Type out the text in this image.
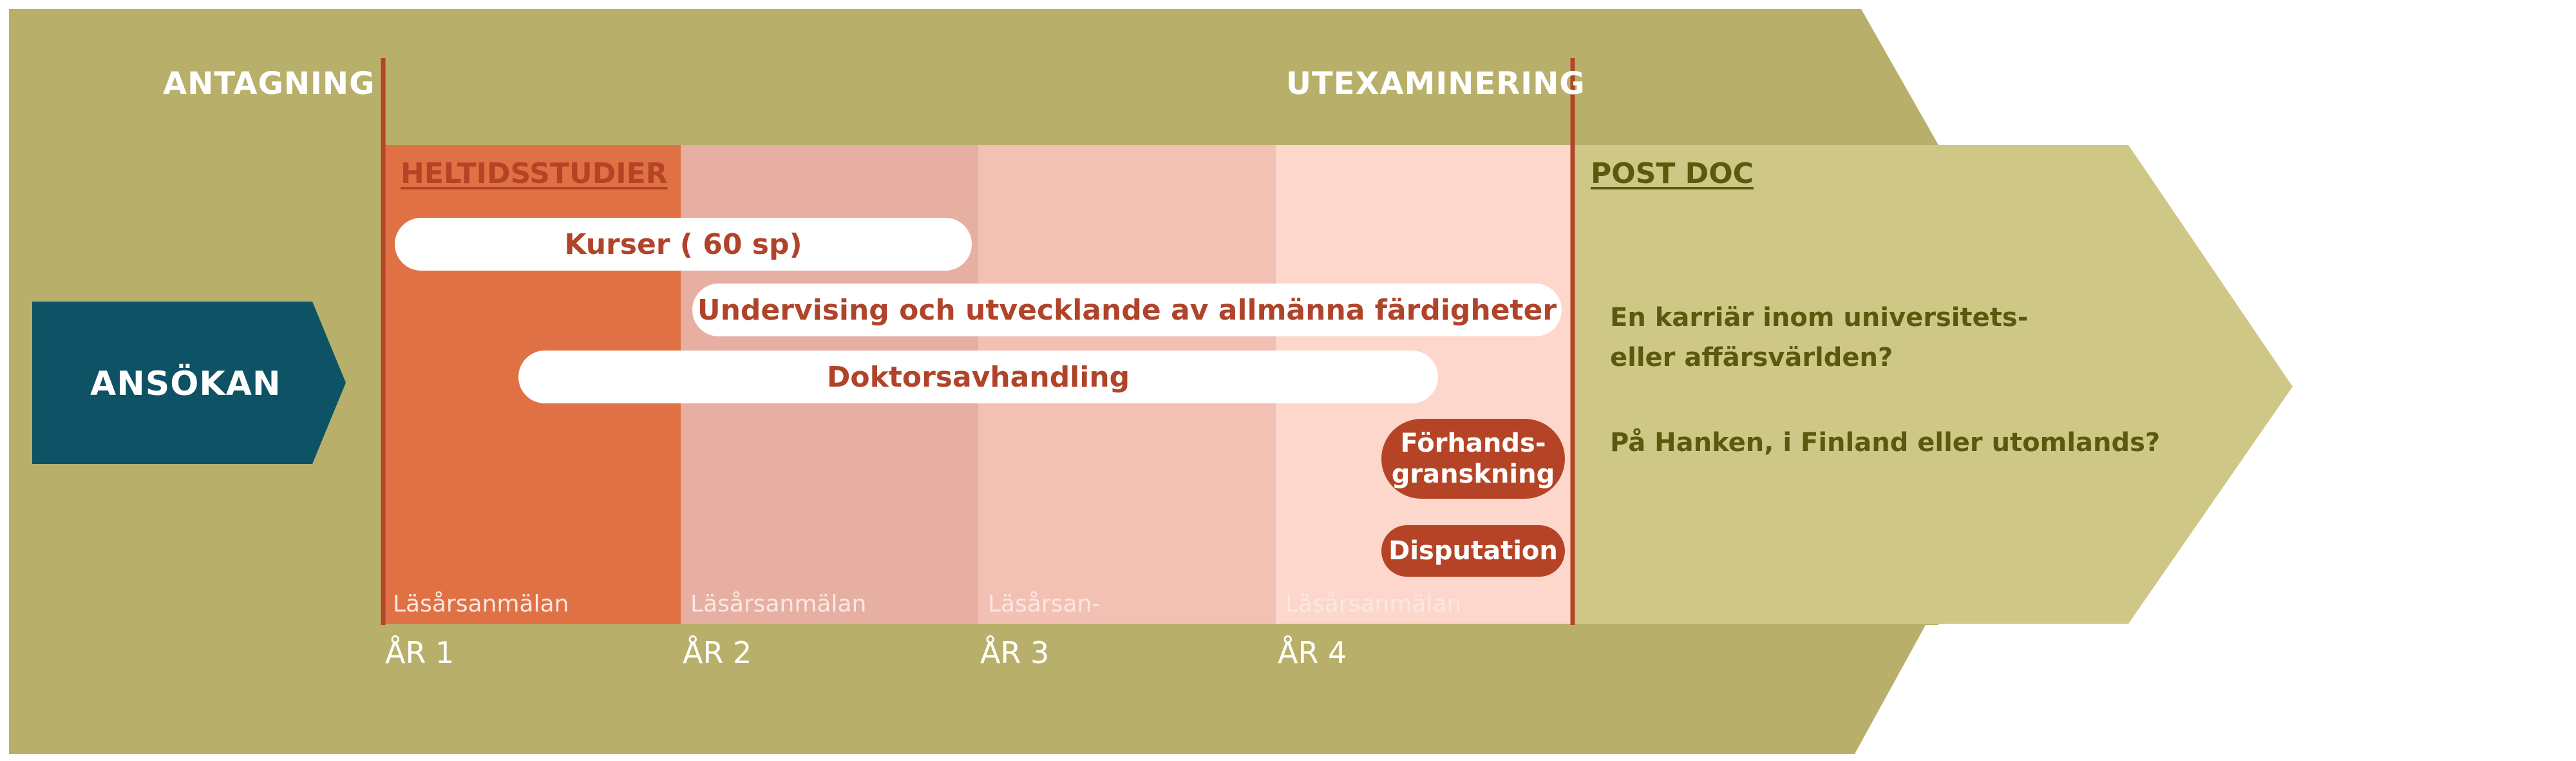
ANTAGNING	UTEXAMINERING
ANSÖKAN
HELTIDSSTUDIER	POST DOC
Kurser ( 60 sp)
Undervising och utvecklande av allmänna färdigheter
Doktorsavhandling
Förhands-
granskning
Disputation
Läsårsanmälan	Läsårsanmälan	Läsårsan-	Läsårsanmälan
ÅR 1	ÅR 2	ÅR 3	ÅR 4
En karriär inom universitets-
eller affärsvärlden?
På Hanken, i Finland eller utomlands?
